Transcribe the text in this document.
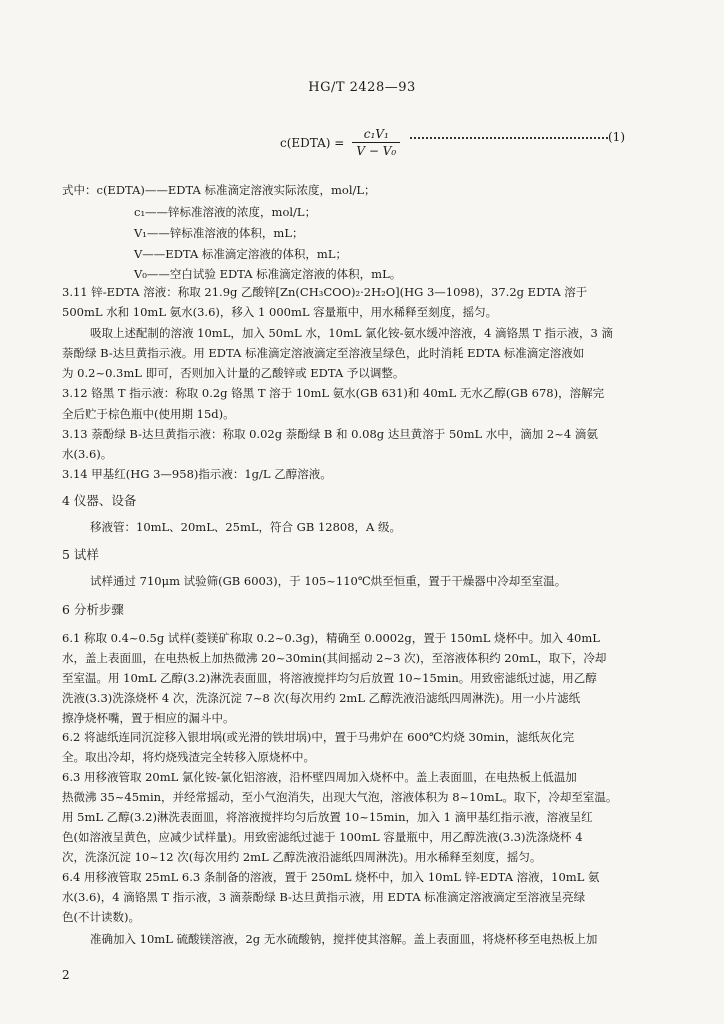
HG/T 2428—93
c(EDTA) = $\frac{\text{c₁V₁}}{\text{V − V₀}}$	(1)
式中：c(EDTA)——EDTA 标准滴定溶液实际浓度，mol/L；
c₁——锌标准溶液的浓度，mol/L；
V₁——锌标准溶液的体积，mL；
V——EDTA 标准滴定溶液的体积，mL；
V₀——空白试验 EDTA 标准滴定溶液的体积，mL。
3.11 锌-EDTA 溶液：称取 21.9g 乙酸锌[Zn(CH₃COO)₂·2H₂O](HG 3—1098)，37.2g EDTA 溶于
500mL 水和 10mL 氨水(3.6)，移入 1 000mL 容量瓶中，用水稀释至刻度，摇匀。
吸取上述配制的溶液 10mL，加入 50mL 水，10mL 氯化铵-氨水缓冲溶液，4 滴铬黑 T 指示液，3 滴
萘酚绿 B-达旦黄指示液。用 EDTA 标准滴定溶液滴定至溶液呈绿色，此时消耗 EDTA 标准滴定溶液如
为 0.2~0.3mL 即可，否则加入计量的乙酸锌或 EDTA 予以调整。
3.12 铬黑 T 指示液：称取 0.2g 铬黑 T 溶于 10mL 氨水(GB 631)和 40mL 无水乙醇(GB 678)，溶解完
全后贮于棕色瓶中(使用期 15d)。
3.13 萘酚绿 B-达旦黄指示液：称取 0.02g 萘酚绿 B 和 0.08g 达旦黄溶于 50mL 水中，滴加 2~4 滴氨
水(3.6)。
3.14 甲基红(HG 3—958)指示液：1g/L 乙醇溶液。
4 仪器、设备
移液管：10mL、20mL、25mL，符合 GB 12808，A 级。
5 试样
试样通过 710μm 试验筛(GB 6003)，于 105~110℃烘至恒重，置于干燥器中冷却至室温。
6 分析步骤
6.1 称取 0.4~0.5g 试样(菱镁矿称取 0.2~0.3g)，精确至 0.0002g，置于 150mL 烧杯中。加入 40mL
水，盖上表面皿，在电热板上加热微沸 20~30min(其间摇动 2~3 次)，至溶液体积约 20mL，取下，冷却
至室温。用 10mL 乙醇(3.2)淋洗表面皿，将溶液搅拌均匀后放置 10~15min。用致密滤纸过滤，用乙醇
洗液(3.3)洗涤烧杯 4 次，洗涤沉淀 7~8 次(每次用约 2mL 乙醇洗液沿滤纸四周淋洗)。用一小片滤纸
擦净烧杯嘴，置于相应的漏斗中。
6.2 将滤纸连同沉淀移入银坩埚(或光滑的铁坩埚)中，置于马弗炉在 600℃灼烧 30min，滤纸灰化完
全。取出冷却，将灼烧残渣完全转移入原烧杯中。
6.3 用移液管取 20mL 氯化铵-氯化铝溶液，沿杯壁四周加入烧杯中。盖上表面皿，在电热板上低温加
热微沸 35~45min，并经常摇动，至小气泡消失，出现大气泡，溶液体积为 8~10mL。取下，冷却至室温。
用 5mL 乙醇(3.2)淋洗表面皿，将溶液搅拌均匀后放置 10~15min，加入 1 滴甲基红指示液，溶液呈红
色(如溶液呈黄色，应减少试样量)。用致密滤纸过滤于 100mL 容量瓶中，用乙醇洗液(3.3)洗涤烧杯 4
次，洗涤沉淀 10~12 次(每次用约 2mL 乙醇洗液沿滤纸四周淋洗)。用水稀释至刻度，摇匀。
6.4 用移液管取 25mL 6.3 条制备的溶液，置于 250mL 烧杯中，加入 10mL 锌-EDTA 溶液，10mL 氨
水(3.6)，4 滴铬黑 T 指示液，3 滴萘酚绿 B-达旦黄指示液，用 EDTA 标准滴定溶液滴定至溶液呈亮绿
色(不计读数)。
准确加入 10mL 硫酸镁溶液，2g 无水硫酸钠，搅拌使其溶解。盖上表面皿，将烧杯移至电热板上加
2
